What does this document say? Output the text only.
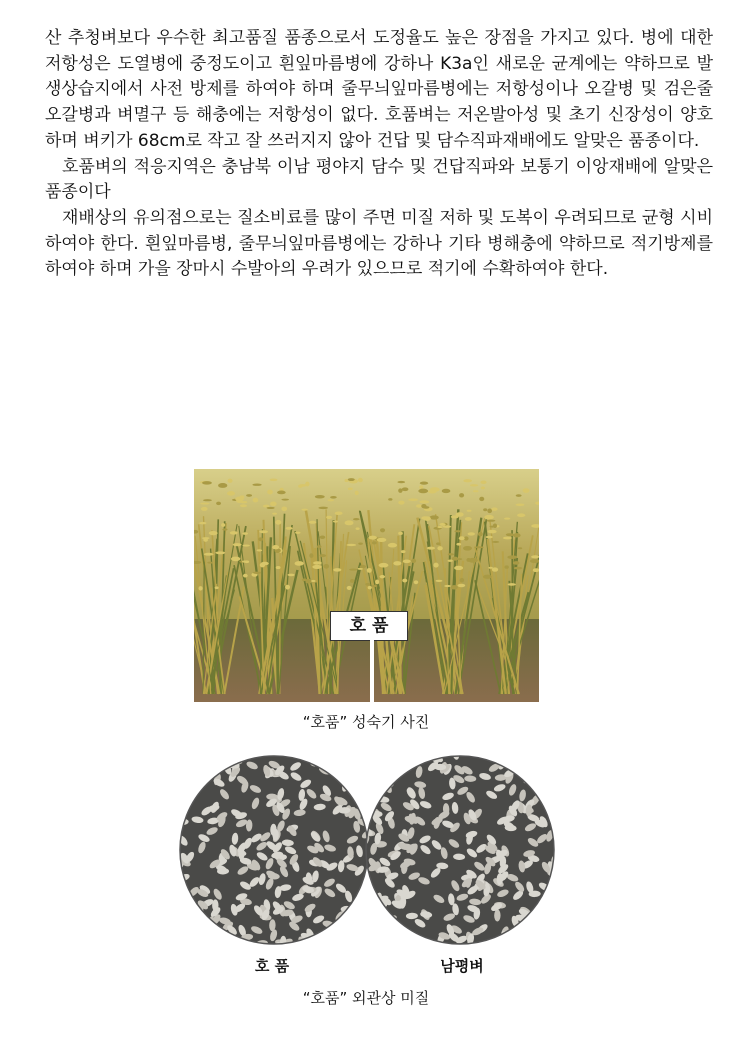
산 추청벼보다 우수한 최고품질 품종으로서 도정율도 높은 장점을 가지고 있다. 병에 대한 저항성은 도열병에 중정도이고 흰잎마름병에 강하나 K3a인 새로운 균계에는 약하므로 발생상습지에서 사전 방제를 하여야 하며 줄무늬잎마름병에는 저항성이나 오갈병 및 검은줄오갈병과 벼멸구 등 해충에는 저항성이 없다. 호품벼는 저온발아성 및 초기 신장성이 양호하며 벼키가 68cm로 작고 잘 쓰러지지 않아 건답 및 담수직파재배에도 알맞은 품종이다.

호품벼의 적응지역은 충남북 이남 평야지 담수 및 건답직파와 보통기 이앙재배에 알맞은 품종이다

재배상의 유의점으로는 질소비료를 많이 주면 미질 저하 및 도복이 우려되므로 균형 시비 하여야 한다. 흰잎마름병, 줄무늬잎마름병에는 강하나 기타 병해충에 약하므로 적기방제를 하여야 하며 가을 장마시 수발아의 우려가 있으므로 적기에 수확하여야 한다.

호 품
“호품” 성숙기 사진
호 품	남평벼
“호품” 외관상 미질
